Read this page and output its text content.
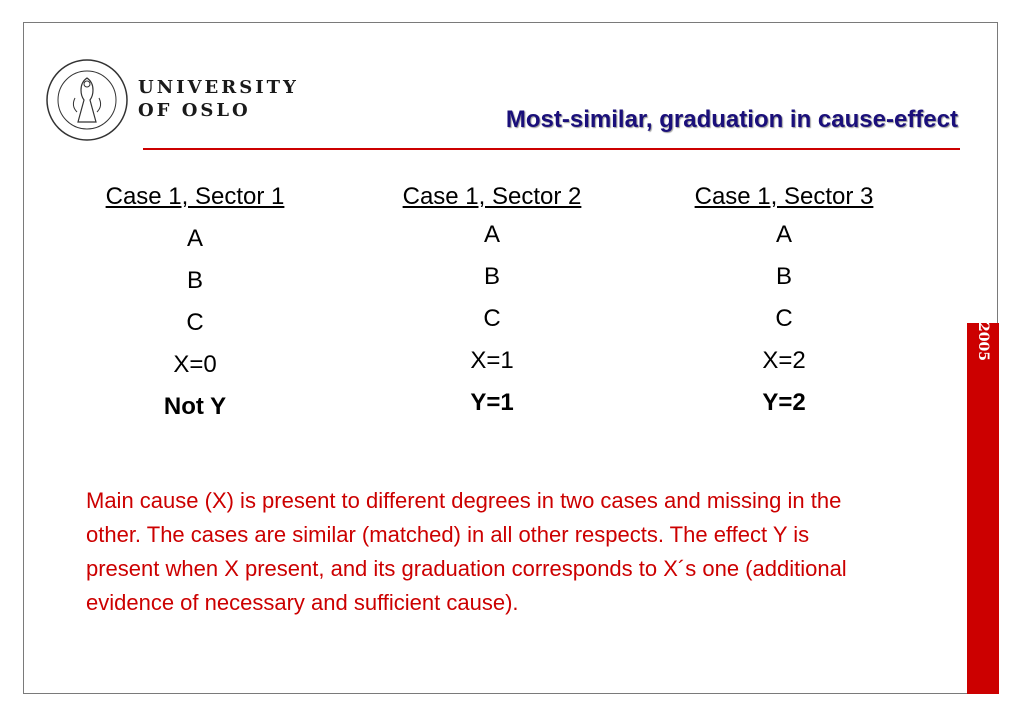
UNIVERSITY
OF OSLO	Most-similar, graduation in cause-effect
2005
Case 1, Sector 1
A
B
C
X=0
Not Y
Case 1, Sector 2
A
B
C
X=1
Y=1
Case 1, Sector 3
A
B
C
X=2
Y=2
Main cause (X) is present to different degrees in two cases and missing in the other. The cases are similar (matched) in all other respects. The effect Y is present when X present, and its graduation corresponds to X´s one (additional evidence of necessary and sufficient cause).
